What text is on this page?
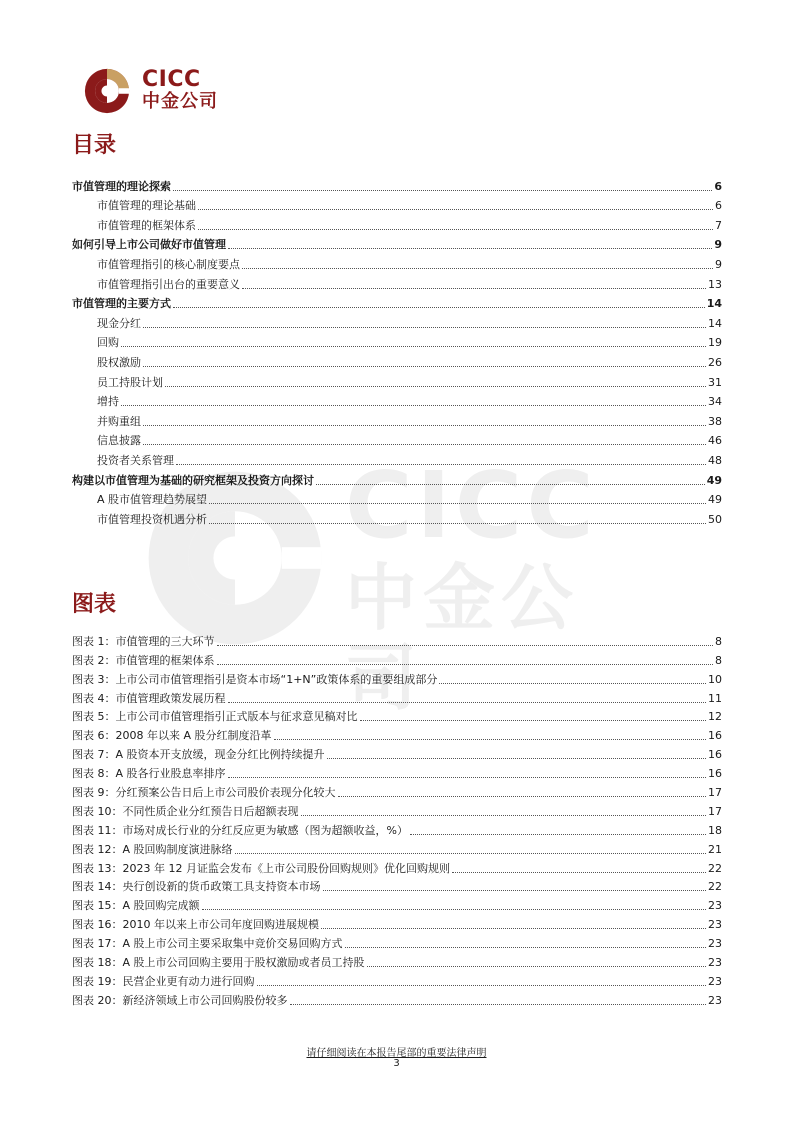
CICC
中金公司
CICC
中金公司
目录
市值管理的理论探索	6
市值管理的理论基础	6
市值管理的框架体系	7
如何引导上市公司做好市值管理	9
市值管理指引的核心制度要点	9
市值管理指引出台的重要意义	13
市值管理的主要方式	14
现金分红	14
回购	19
股权激励	26
员工持股计划	31
增持	34
并购重组	38
信息披露	46
投资者关系管理	48
构建以市值管理为基础的研究框架及投资方向探讨	49
A 股市值管理趋势展望	49
市值管理投资机遇分析	50
图表
图表 1：市值管理的三大环节	8
图表 2：市值管理的框架体系	8
图表 3：上市公司市值管理指引是资本市场“1+N”政策体系的重要组成部分	10
图表 4：市值管理政策发展历程	11
图表 5：上市公司市值管理指引正式版本与征求意见稿对比	12
图表 6：2008 年以来 A 股分红制度沿革	16
图表 7：A 股资本开支放缓，现金分红比例持续提升	16
图表 8：A 股各行业股息率排序	16
图表 9：分红预案公告日后上市公司股价表现分化较大	17
图表 10：不同性质企业分红预告日后超额表现	17
图表 11：市场对成长行业的分红反应更为敏感（图为超额收益，%）	18
图表 12：A 股回购制度演进脉络	21
图表 13：2023 年 12 月证监会发布《上市公司股份回购规则》优化回购规则	22
图表 14：央行创设新的货币政策工具支持资本市场	22
图表 15：A 股回购完成额	23
图表 16：2010 年以来上市公司年度回购进展规模	23
图表 17：A 股上市公司主要采取集中竞价交易回购方式	23
图表 18：A 股上市公司回购主要用于股权激励或者员工持股	23
图表 19：民营企业更有动力进行回购	23
图表 20：新经济领域上市公司回购股份较多	23
请仔细阅读在本报告尾部的重要法律声明
3
